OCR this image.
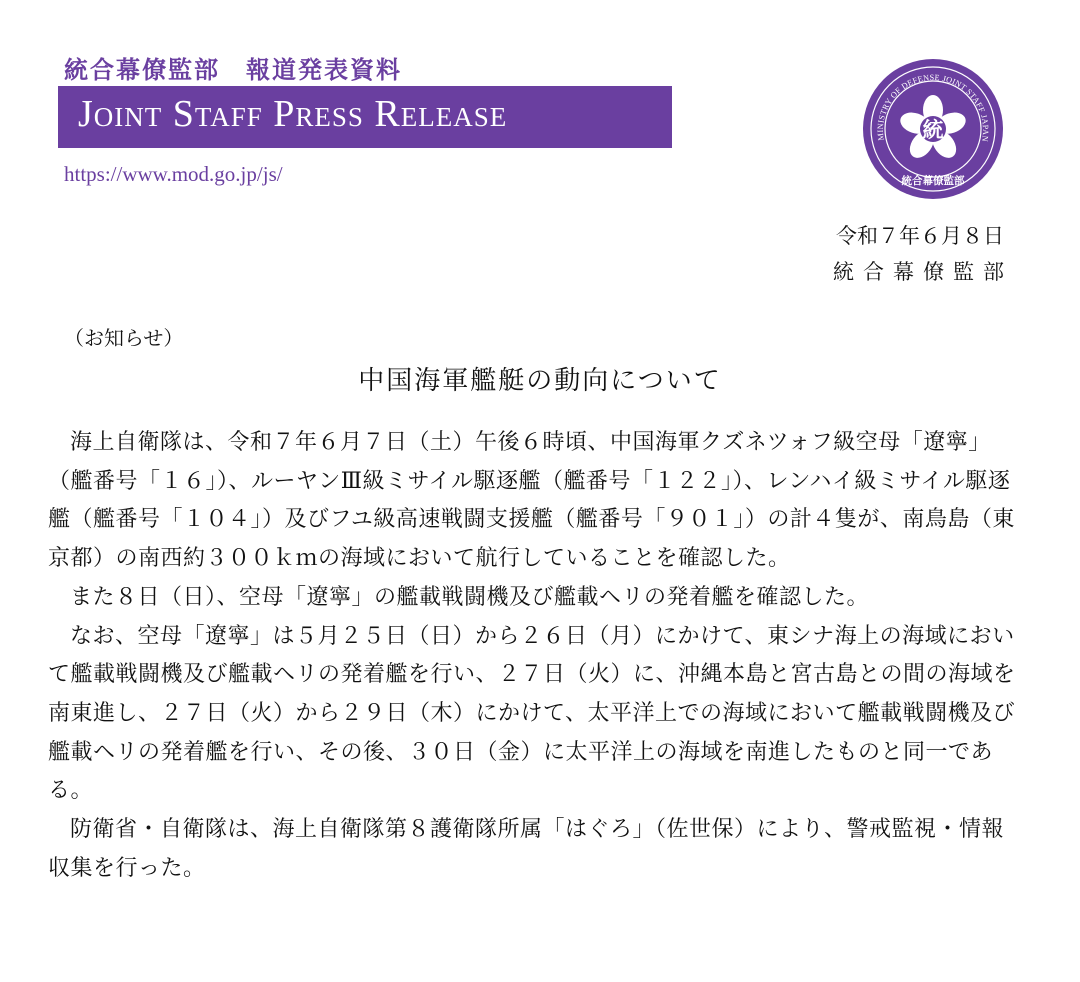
統合幕僚監部　報道発表資料
Joint Staff Press Release
https://www.mod.go.jp/js/
MINISTRY OF DEFENSE JOINT STAFF JAPAN
統
統合幕僚監部
令和７年６月８日
統合幕僚監部
（お知らせ）
中国海軍艦艇の動向について

海上自衛隊は、令和７年６月７日（土）午後６時頃、中国海軍クズネツォフ級空母「遼寧」（艦番号「１６」）、ルーヤンⅢ級ミサイル駆逐艦（艦番号「１２２」）、レンハイ級ミサイル駆逐艦（艦番号「１０４」）及びフユ級高速戦闘支援艦（艦番号「９０１」）の計４隻が、南鳥島（東京都）の南西約３００ｋｍの海域において航行していることを確認した。

また８日（日）、空母「遼寧」の艦載戦闘機及び艦載ヘリの発着艦を確認した。

なお、空母「遼寧」は５月２５日（日）から２６日（月）にかけて、東シナ海上の海域において艦載戦闘機及び艦載ヘリの発着艦を行い、２７日（火）に、沖縄本島と宮古島との間の海域を南東進し、２７日（火）から２９日（木）にかけて、太平洋上での海域において艦載戦闘機及び艦載ヘリの発着艦を行い、その後、３０日（金）に太平洋上の海域を南進したものと同一である。

防衛省・自衛隊は、海上自衛隊第８護衛隊所属「はぐろ」（佐世保）により、警戒監視・情報収集を行った。
